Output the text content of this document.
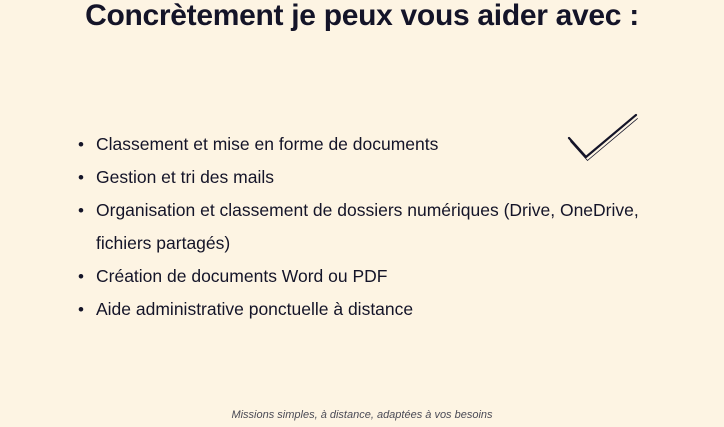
Concrètement je peux vous aider avec :
• Classement et mise en forme de documents
• Gestion et tri des mails
• Organisation et classement de dossiers numériques (Drive, OneDrive, fichiers partagés)
• Création de documents Word ou PDF
• Aide administrative ponctuelle à distance
Missions simples, à distance, adaptées à vos besoins
